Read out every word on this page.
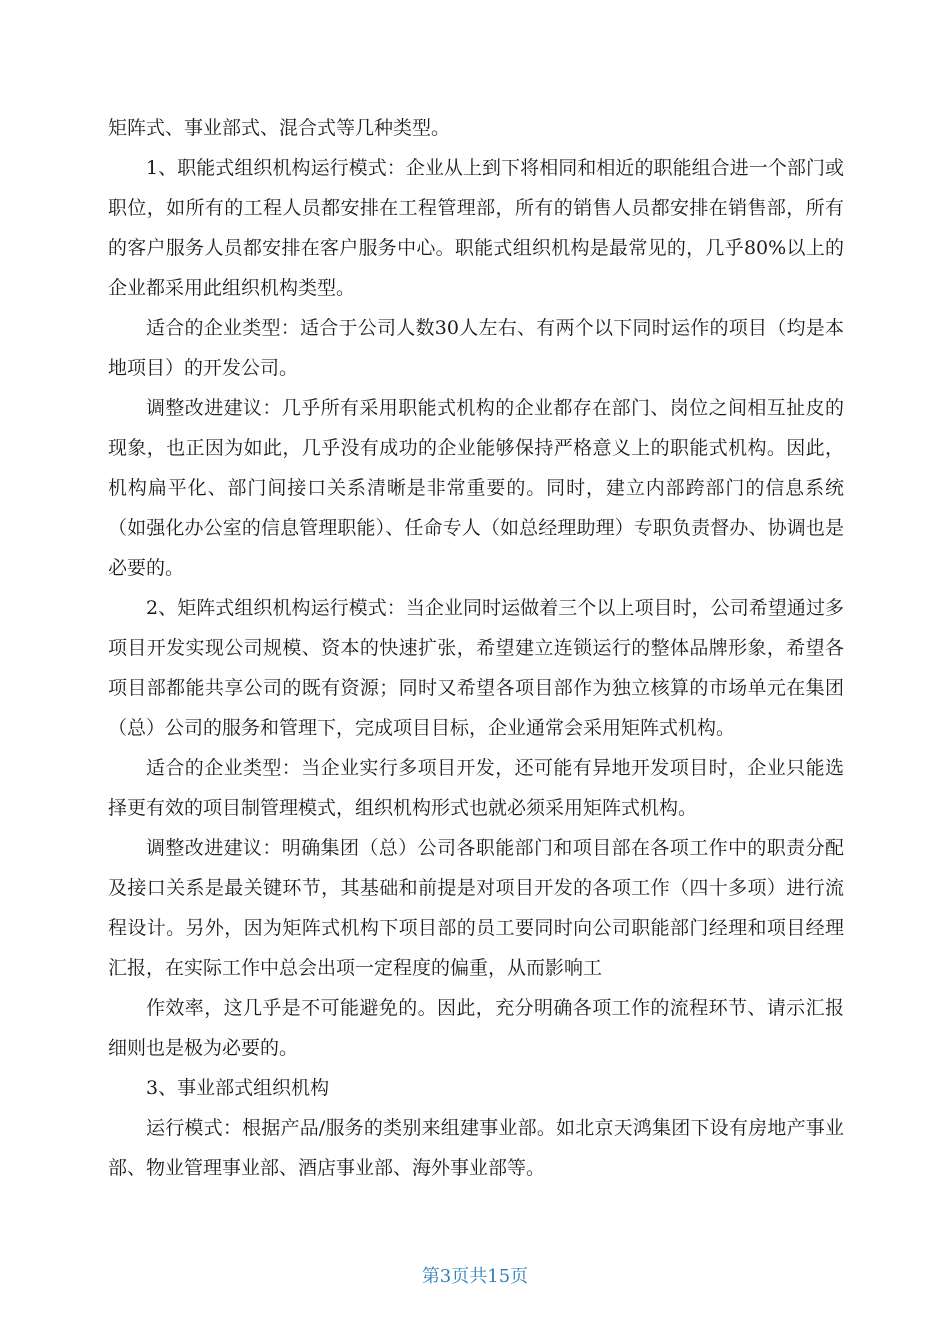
矩阵式、事业部式、混合式等几种类型。

1、职能式组织机构运行模式：企业从上到下将相同和相近的职能组合进一个部门或职位，如所有的工程人员都安排在工程管理部，所有的销售人员都安排在销售部，所有的客户服务人员都安排在客户服务中心。职能式组织机构是最常见的，几乎80%以上的企业都采用此组织机构类型。

适合的企业类型：适合于公司人数30人左右、有两个以下同时运作的项目（均是本地项目）的开发公司。

调整改进建议：几乎所有采用职能式机构的企业都存在部门、岗位之间相互扯皮的现象，也正因为如此，几乎没有成功的企业能够保持严格意义上的职能式机构。因此，机构扁平化、部门间接口关系清晰是非常重要的。同时，建立内部跨部门的信息系统（如强化办公室的信息管理职能）、任命专人（如总经理助理）专职负责督办、协调也是必要的。

2、矩阵式组织机构运行模式：当企业同时运做着三个以上项目时，公司希望通过多项目开发实现公司规模、资本的快速扩张，希望建立连锁运行的整体品牌形象，希望各项目部都能共享公司的既有资源；同时又希望各项目部作为独立核算的市场单元在集团（总）公司的服务和管理下，完成项目目标，企业通常会采用矩阵式机构。

适合的企业类型：当企业实行多项目开发，还可能有异地开发项目时，企业只能选择更有效的项目制管理模式，组织机构形式也就必须采用矩阵式机构。

调整改进建议：明确集团（总）公司各职能部门和项目部在各项工作中的职责分配及接口关系是最关键环节，其基础和前提是对项目开发的各项工作（四十多项）进行流程设计。另外，因为矩阵式机构下项目部的员工要同时向公司职能部门经理和项目经理汇报，在实际工作中总会出项一定程度的偏重，从而影响工

作效率，这几乎是不可能避免的。因此，充分明确各项工作的流程环节、请示汇报细则也是极为必要的。

3、事业部式组织机构

运行模式：根据产品/服务的类别来组建事业部。如北京天鸿集团下设有房地产事业部、物业管理事业部、酒店事业部、海外事业部等。

第3页共15页
